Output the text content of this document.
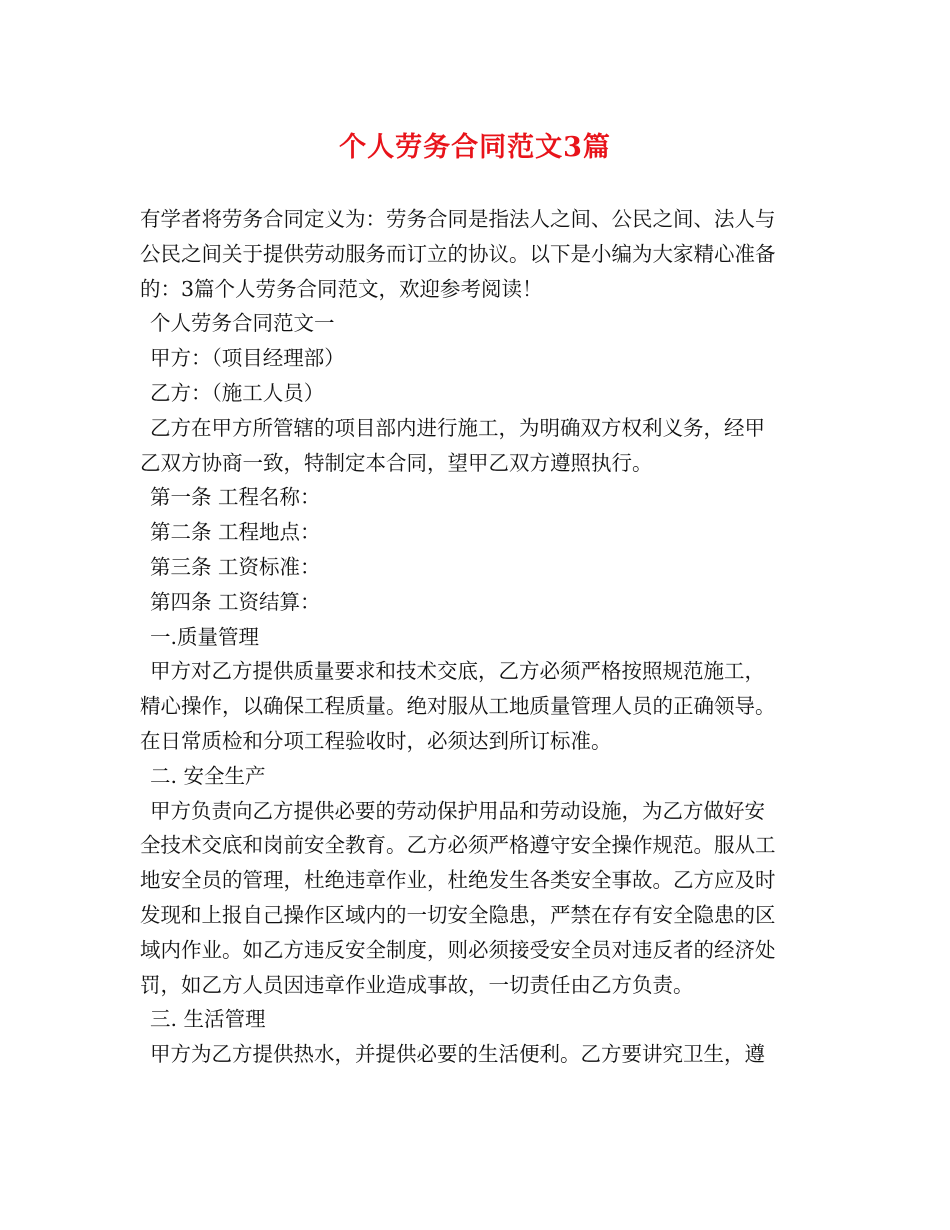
个人劳务合同范文3篇
有学者将劳务合同定义为：劳务合同是指法人之间、公民之间、法人与
公民之间关于提供劳动服务而订立的协议。以下是小编为大家精心准备
的：3篇个人劳务合同范文，欢迎参考阅读！
个人劳务合同范文一
甲方：（项目经理部）
乙方：（施工人员）
乙方在甲方所管辖的项目部内进行施工，为明确双方权利义务，经甲
乙双方协商一致，特制定本合同，望甲乙双方遵照执行。
第一条 工程名称：
第二条 工程地点：
第三条 工资标准：
第四条 工资结算：
一.质量管理
甲方对乙方提供质量要求和技术交底，乙方必须严格按照规范施工，
精心操作，以确保工程质量。绝对服从工地质量管理人员的正确领导。
在日常质检和分项工程验收时，必须达到所订标准。
二. 安全生产
甲方负责向乙方提供必要的劳动保护用品和劳动设施，为乙方做好安
全技术交底和岗前安全教育。乙方必须严格遵守安全操作规范。服从工
地安全员的管理，杜绝违章作业，杜绝发生各类安全事故。乙方应及时
发现和上报自己操作区域内的一切安全隐患，严禁在存有安全隐患的区
域内作业。如乙方违反安全制度，则必须接受安全员对违反者的经济处
罚，如乙方人员因违章作业造成事故，一切责任由乙方负责。
三. 生活管理
甲方为乙方提供热水，并提供必要的生活便利。乙方要讲究卫生，遵
